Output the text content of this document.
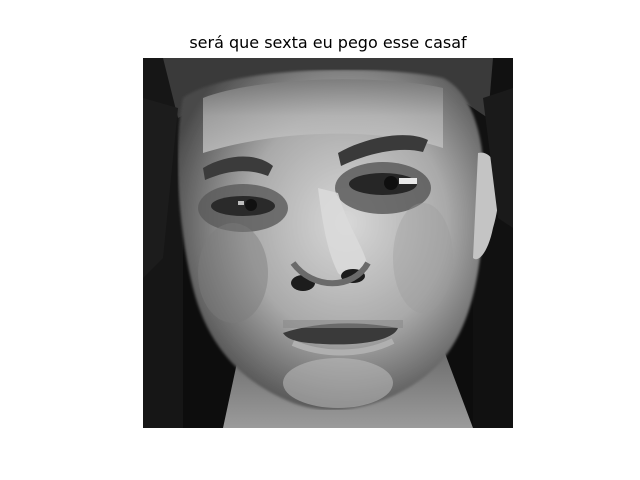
será que sexta eu pego esse casaf
